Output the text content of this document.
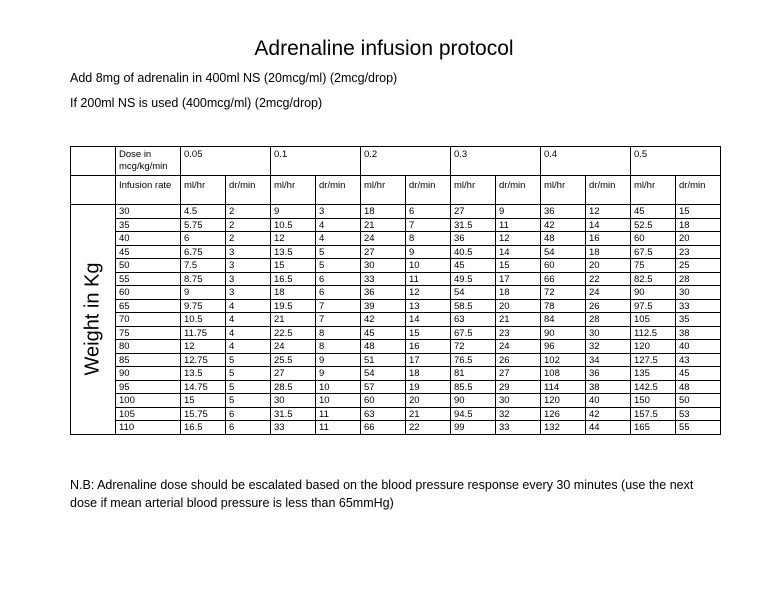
Adrenaline infusion protocol
Add 8mg of adrenalin in 400ml NS (20mcg/ml) (2mcg/drop)
If 200ml NS is used (400mcg/ml) (2mcg/drop)
	Dose in mcg/kg/min	0.05		0.1		0.2		0.3		0.4		0.5	
	Infusion rate	ml/hr	dr/min	ml/hr	dr/min	ml/hr	dr/min	ml/hr	dr/min	ml/hr	dr/min	ml/hr	dr/min

Weight in Kg	30	4.5	2	9	3	18	6	27	9	36	12	45	15
	35	5.75	2	10.5	4	21	7	31.5	11	42	14	52.5	18
	40	6	2	12	4	24	8	36	12	48	16	60	20
	45	6.75	3	13.5	5	27	9	40.5	14	54	18	67.5	23
	50	7.5	3	15	5	30	10	45	15	60	20	75	25
	55	8.75	3	16.5	6	33	11	49.5	17	66	22	82.5	28
	60	9	3	18	6	36	12	54	18	72	24	90	30
	65	9.75	4	19.5	7	39	13	58.5	20	78	26	97.5	33
	70	10.5	4	21	7	42	14	63	21	84	28	105	35
	75	11.75	4	22.5	8	45	15	67.5	23	90	30	112.5	38
	80	12	4	24	8	48	16	72	24	96	32	120	40
	85	12.75	5	25.5	9	51	17	76.5	26	102	34	127.5	43
	90	13.5	5	27	9	54	18	81	27	108	36	135	45
	95	14.75	5	28.5	10	57	19	85.5	29	114	38	142.5	48
	100	15	5	30	10	60	20	90	30	120	40	150	50
	105	15.75	6	31.5	11	63	21	94.5	32	126	42	157.5	53
	110	16.5	6	33	11	66	22	99	33	132	44	165	55
N.B: Adrenaline dose should be escalated based on the blood pressure response every 30 minutes (use the next dose if mean arterial blood pressure is less than 65mmHg)
